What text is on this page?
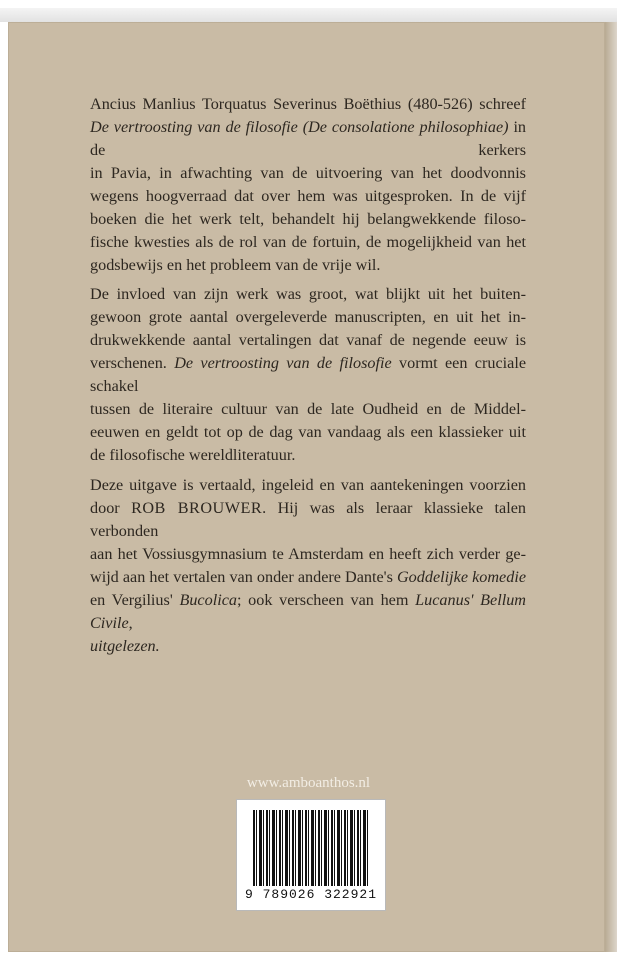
Ancius Manlius Torquatus Severinus Boëthius (480-526) schreef
De vertroosting van de filosofie (De consolatione philosophiae) in de kerkers
in Pavia, in afwachting van de uitvoering van het doodvonnis
wegens hoogverraad dat over hem was uitgesproken. In de vijf
boeken die het werk telt, behandelt hij belangwekkende filoso-
fische kwesties als de rol van de fortuin, de mogelijkheid van het
godsbewijs en het probleem van de vrije wil.

De invloed van zijn werk was groot, wat blijkt uit het buiten-
gewoon grote aantal overgeleverde manuscripten, en uit het in-
drukwekkende aantal vertalingen dat vanaf de negende eeuw is
verschenen. De vertroosting van de filosofie vormt een cruciale schakel
tussen de literaire cultuur van de late Oudheid en de Middel-
eeuwen en geldt tot op de dag van vandaag als een klassieker uit
de filosofische wereldliteratuur.

Deze uitgave is vertaald, ingeleid en van aantekeningen voorzien
door ROB BROUWER. Hij was als leraar klassieke talen verbonden
aan het Vossiusgymnasium te Amsterdam en heeft zich verder ge-
wijd aan het vertalen van onder andere Dante's Goddelijke komedie
en Vergilius' Bucolica; ook verscheen van hem Lucanus' Bellum Civile,
uitgelezen.

www.amboanthos.nl
9 789026 322921
